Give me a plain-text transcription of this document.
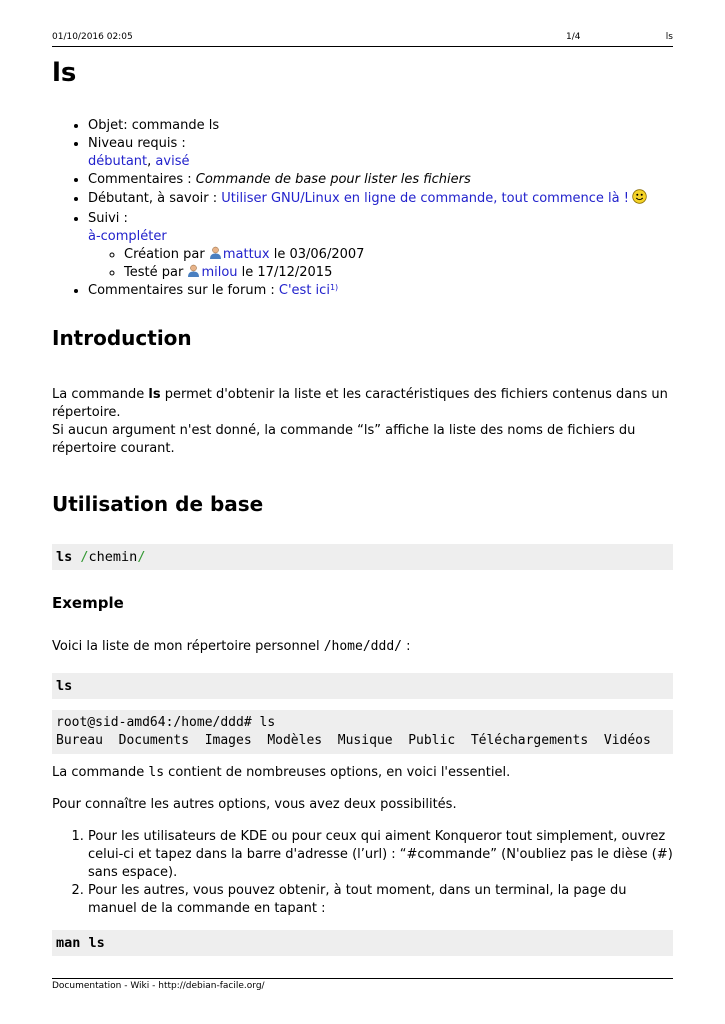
01/10/2016 02:05	1/4	ls
ls
• Objet: commande ls
• Niveau requis :
débutant, avisé
• Commentaires : Commande de base pour lister les fichiers
• Débutant, à savoir : Utiliser GNU/Linux en ligne de commande, tout commence là !
• Suivi :
à-compléter
◦ Création par mattux le 03/06/2007
◦ Testé par milou le 17/12/2015
• Commentaires sur le forum : C'est ici$^{1)}$
Introduction

La commande ls permet d'obtenir la liste et les caractéristiques des fichiers contenus dans un répertoire.
Si aucun argument n'est donné, la commande “ls” affiche la liste des noms de fichiers du répertoire courant.

Utilisation de base
ls /chemin/
Exemple

Voici la liste de mon répertoire personnel /home/ddd/ :

ls
root@sid-amd64:/home/ddd# ls
Bureau  Documents  Images  Modèles  Musique  Public  Téléchargements  Vidéos

La commande ls contient de nombreuses options, en voici l'essentiel.

Pour connaître les autres options, vous avez deux possibilités.

1. Pour les utilisateurs de KDE ou pour ceux qui aiment Konqueror tout simplement, ouvrez celui-ci et tapez dans la barre d'adresse (l’url) : “#commande” (N'oubliez pas le dièse (#) sans espace).
2. Pour les autres, vous pouvez obtenir, à tout moment, dans un terminal, la page du manuel de la commande en tapant :
man ls
Documentation - Wiki - http://debian-facile.org/
